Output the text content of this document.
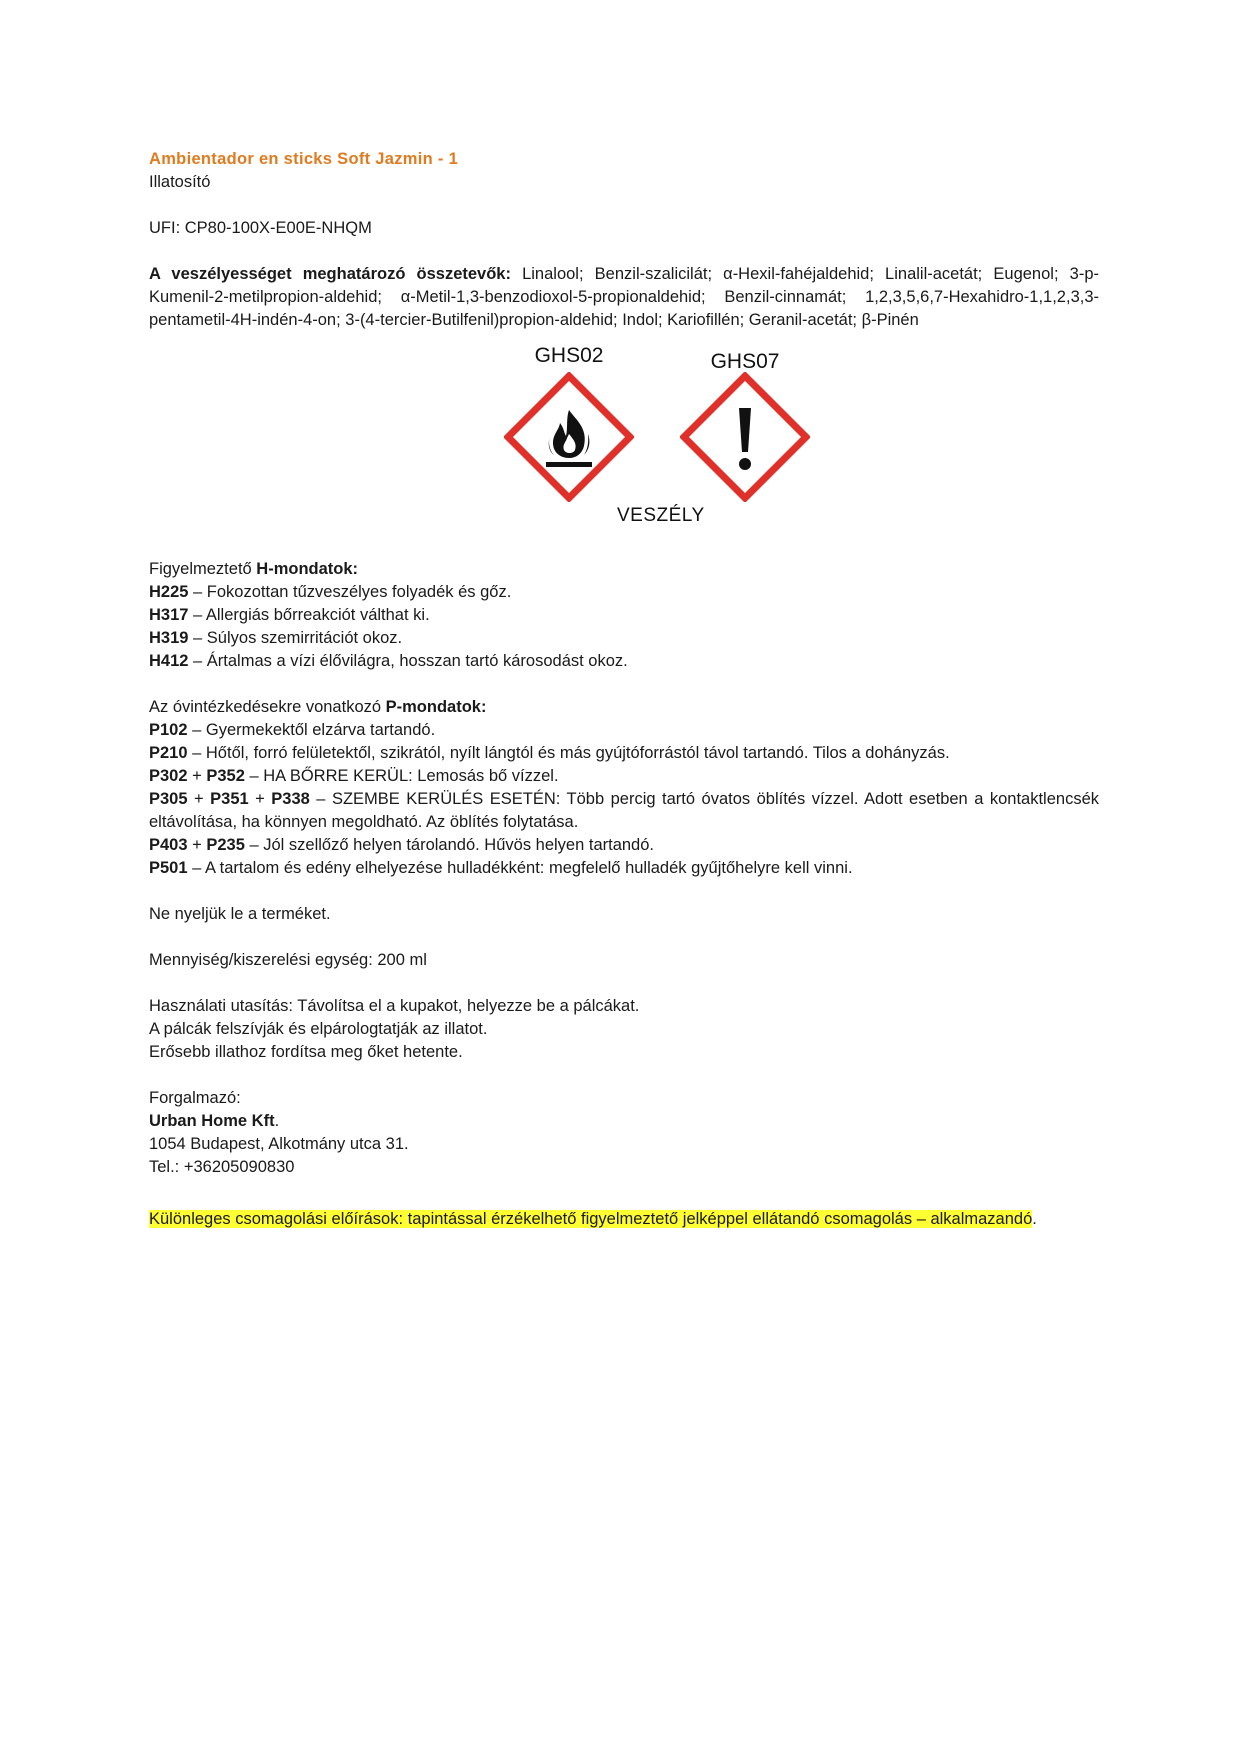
Ambientador en sticks Soft Jazmin - 1
Illatosító
UFI: CP80-100X-E00E-NHQM
A veszélyességet meghatározó összetevők: Linalool; Benzil-szalicilát; α-Hexil-fahéjaldehid; Linalil-acetát; Eugenol; 3-p-Kumenil-2-metilpropion-aldehid; α-Metil-1,3-benzodioxol-5-propionaldehid; Benzil-cinnamát; 1,2,3,5,6,7-Hexahidro-1,1,2,3,3-pentametil-4H-indén-4-on; 3-(4-tercier-Butilfenil)propion-aldehid; Indol; Kariofillén; Geranil-acetát; β-Pinén
GHS02	GHS07
VESZÉLY
Figyelmeztető H-mondatok:
H225 – Fokozottan tűzveszélyes folyadék és gőz.
H317 – Allergiás bőrreakciót válthat ki.
H319 – Súlyos szemirritációt okoz.
H412 – Ártalmas a vízi élővilágra, hosszan tartó károsodást okoz.
Az óvintézkedésekre vonatkozó P-mondatok:
P102 – Gyermekektől elzárva tartandó.
P210 – Hőtől, forró felületektől, szikrától, nyílt lángtól és más gyújtóforrástól távol tartandó. Tilos a dohányzás.
P302 + P352 – HA BŐRRE KERÜL: Lemosás bő vízzel.
P305 + P351 + P338 – SZEMBE KERÜLÉS ESETÉN: Több percig tartó óvatos öblítés vízzel. Adott esetben a kontaktlencsék eltávolítása, ha könnyen megoldható. Az öblítés folytatása.
P403 + P235 – Jól szellőző helyen tárolandó. Hűvös helyen tartandó.
P501 – A tartalom és edény elhelyezése hulladékként: megfelelő hulladék gyűjtőhelyre kell vinni.
Ne nyeljük le a terméket.
Mennyiség/kiszerelési egység: 200 ml
Használati utasítás: Távolítsa el a kupakot, helyezze be a pálcákat.
A pálcák felszívják és elpárologtatják az illatot.
Erősebb illathoz fordítsa meg őket hetente.
Forgalmazó:
Urban Home Kft.
1054 Budapest, Alkotmány utca 31.
Tel.: +36205090830
Különleges csomagolási előírások: tapintással érzékelhető figyelmeztető jelképpel ellátandó csomagolás – alkalmazandó.
